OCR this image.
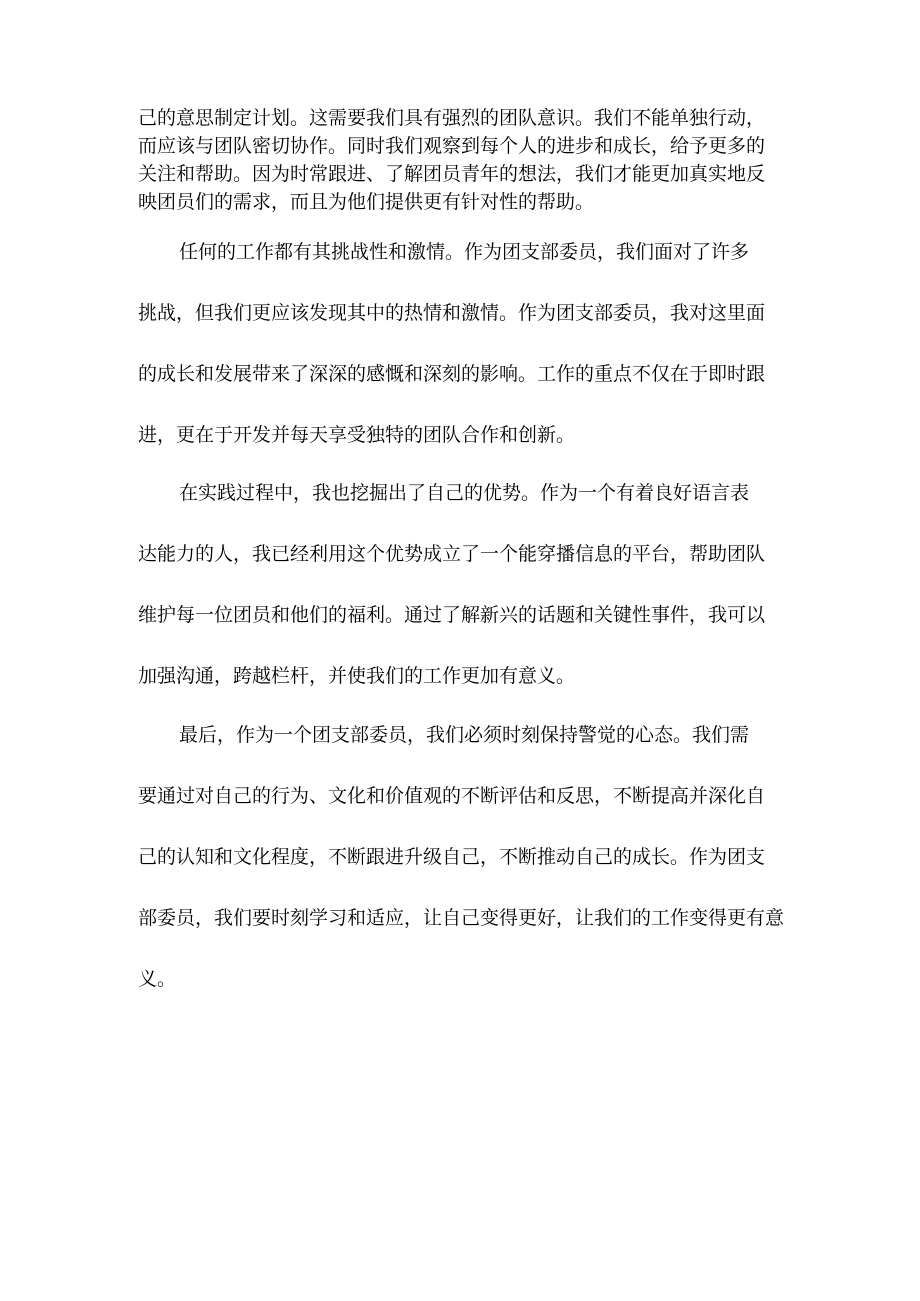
己的意思制定计划。这需要我们具有强烈的团队意识。我们不能单独行动，
而应该与团队密切协作。同时我们观察到每个人的进步和成长，给予更多的
关注和帮助。因为时常跟进、了解团员青年的想法，我们才能更加真实地反
映团员们的需求，而且为他们提供更有针对性的帮助。
任何的工作都有其挑战性和激情。作为团支部委员，我们面对了许多
挑战，但我们更应该发现其中的热情和激情。作为团支部委员，我对这里面
的成长和发展带来了深深的感慨和深刻的影响。工作的重点不仅在于即时跟
进，更在于开发并每天享受独特的团队合作和创新。
在实践过程中，我也挖掘出了自己的优势。作为一个有着良好语言表
达能力的人，我已经利用这个优势成立了一个能穿播信息的平台，帮助团队
维护每一位团员和他们的福利。通过了解新兴的话题和关键性事件，我可以
加强沟通，跨越栏杆，并使我们的工作更加有意义。
最后，作为一个团支部委员，我们必须时刻保持警觉的心态。我们需
要通过对自己的行为、文化和价值观的不断评估和反思，不断提高并深化自
己的认知和文化程度，不断跟进升级自己，不断推动自己的成长。作为团支
部委员，我们要时刻学习和适应，让自己变得更好，让我们的工作变得更有意
义。
